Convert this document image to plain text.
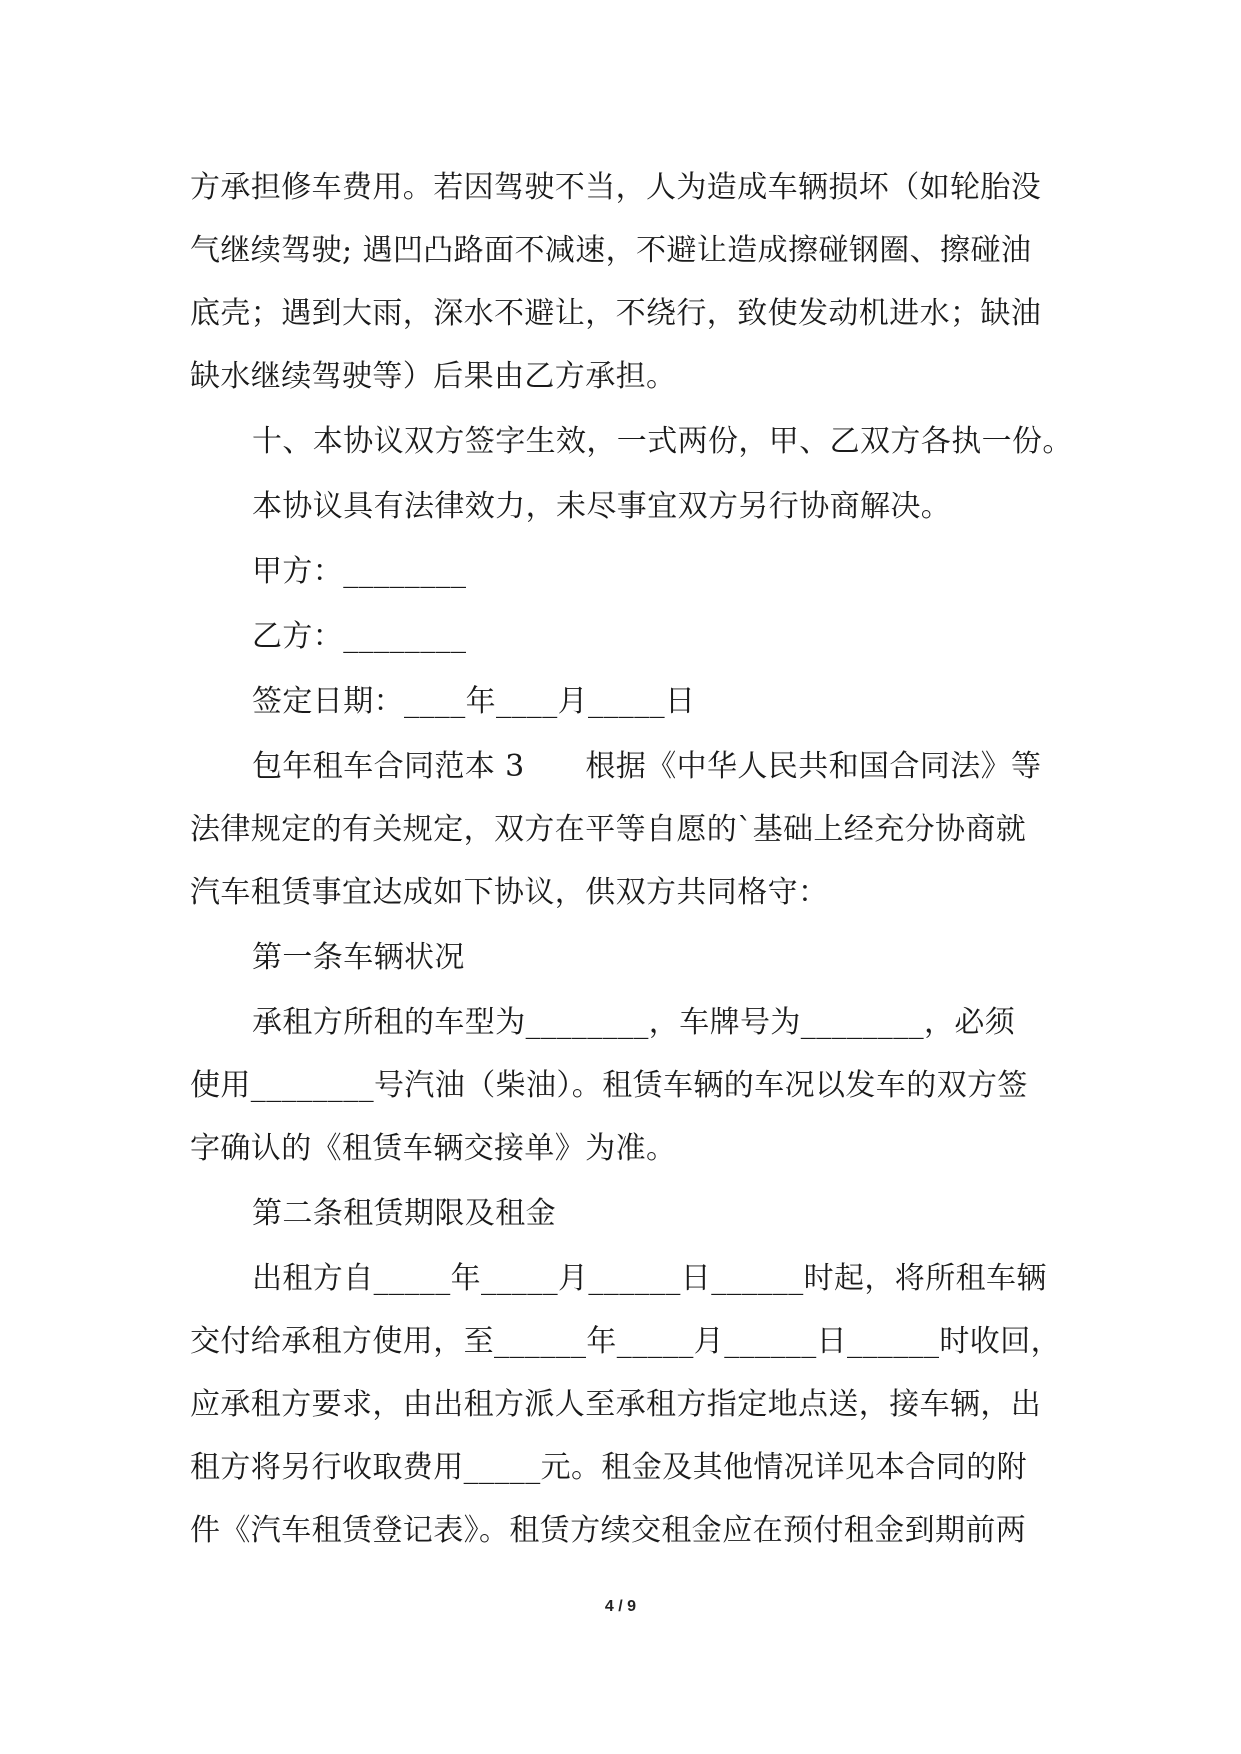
方承担修车费用。若因驾驶不当，人为造成车辆损坏（如轮胎没
气继续驾驶; 遇凹凸路面不减速，不避让造成擦碰钢圈、擦碰油
底壳；遇到大雨，深水不避让，不绕行，致使发动机进水；缺油
缺水继续驾驶等）后果由乙方承担。
十、本协议双方签字生效，一式两份，甲、乙双方各执一份。
本协议具有法律效力，未尽事宜双方另行协商解决。
甲方：________
乙方：________
签定日期：____年____月_____日
包年租车合同范本 3　　根据《中华人民共和国合同法》等
法律规定的有关规定，双方在平等自愿的`基础上经充分协商就
汽车租赁事宜达成如下协议，供双方共同格守：
第一条车辆状况
承租方所租的车型为________，车牌号为________，必须
使用________号汽油（柴油）。租赁车辆的车况以发车的双方签
字确认的《租赁车辆交接单》为准。
第二条租赁期限及租金
出租方自_____年_____月______日______时起，将所租车辆
交付给承租方使用，至______年_____月______日______时收回，
应承租方要求，由出租方派人至承租方指定地点送，接车辆，出
租方将另行收取费用_____元。租金及其他情况详见本合同的附
件《汽车租赁登记表》。租赁方续交租金应在预付租金到期前两
4 / 9
